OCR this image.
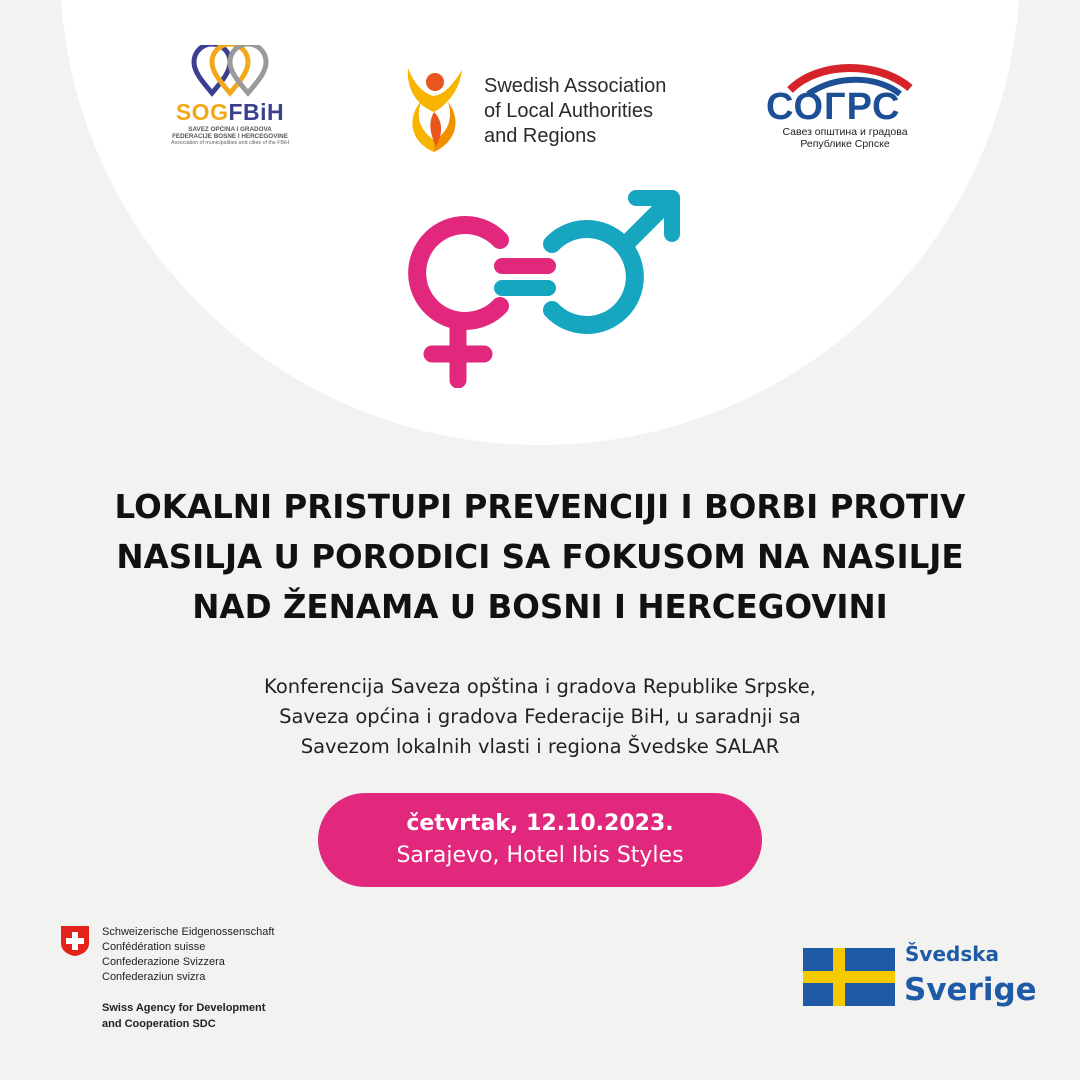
SOGFBiH
SAVEZ OPĆINA I GRADOVA
FEDERACIJE BOSNE I HERCEGOVINE
Association of municipalities and cities of the FBiH
Swedish Association
of Local Authorities
and Regions
СОГРС
Савез општина и градова
Републике Српске
LOKALNI PRISTUPI PREVENCIJI I BORBI PROTIV
NASILJA U PORODICI SA FOKUSOM NA NASILJE
NAD ŽENAMA U BOSNI I HERCEGOVINI

Konferencija Saveza opština i gradova Republike Srpske,
Saveza općina i gradova Federacije BiH, u saradnji sa
Savezom lokalnih vlasti i regiona Švedske SALAR

četvrtak, 12.10.2023.
Sarajevo, Hotel Ibis Styles
Schweizerische Eidgenossenschaft
Confédération suisse
Confederazione Svizzera
Confederaziun svizra
Swiss Agency for Development
and Cooperation SDC
Švedska
Sverige
